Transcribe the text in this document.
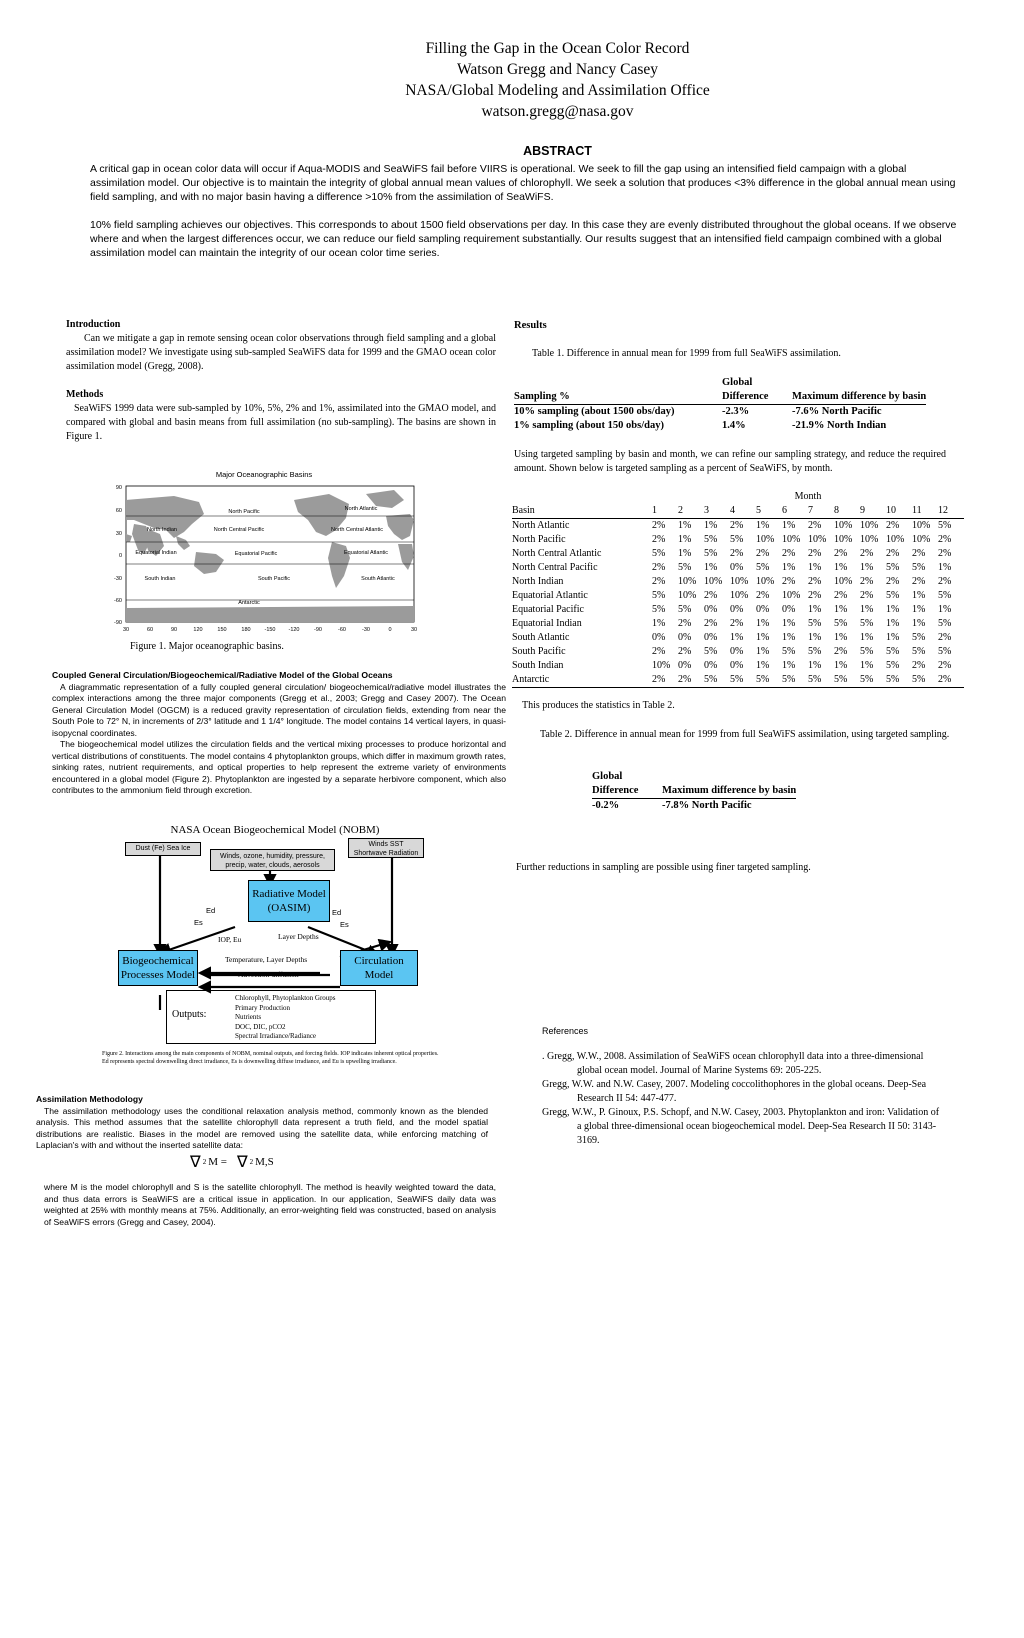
Filling the Gap in the Ocean Color Record
Watson Gregg and Nancy Casey
NASA/Global Modeling and Assimilation Office
watson.gregg@nasa.gov
ABSTRACT
A critical gap in ocean color data will occur if Aqua-MODIS and SeaWiFS fail before VIIRS is operational. We seek to fill the gap using an intensified field campaign with a global assimilation model. Our objective is to maintain the integrity of global annual mean values of chlorophyll. We seek a solution that produces <3% difference in the global annual mean using field sampling, and with no major basin having a difference >10% from the assimilation of SeaWiFS.
10% field sampling achieves our objectives. This corresponds to about 1500 field observations per day. In this case they are evenly distributed throughout the global oceans. If we observe where and when the largest differences occur, we can reduce our field sampling requirement substantially. Our results suggest that an intensified field campaign combined with a global assimilation model can maintain the integrity of our ocean color time series.
Introduction
Can we mitigate a gap in remote sensing ocean color observations through field sampling and a global assimilation model? We investigate using sub-sampled SeaWiFS data for 1999 and the GMAO ocean color assimilation model (Gregg, 2008).
Methods
SeaWiFS 1999 data were sub-sampled by 10%, 5%, 2% and 1%, assimilated into the GMAO model, and compared with global and basin means from full assimilation (no sub-sampling). The basins are shown in Figure 1.
Major Oceanographic Basins
90
60
30
0
-30
-60
-90
30	60	90	120	150	180	-150 -120	-90	-60	-30	0	30
North Pacific	North Atlantic
North Indian	North Central Pacific	North Central Atlantic
Equatorial Indian	Equatorial Pacific	Equatorial Atlantic
South Indian	South Pacific	South Atlantic
Antarctic
Figure 1. Major oceanographic basins.
Coupled General Circulation/Biogeochemical/Radiative Model of the Global Oceans
A diagrammatic representation of a fully coupled general circulation/ biogeochemical/radiative model illustrates the complex interactions among the three major components (Gregg et al., 2003; Gregg and Casey 2007). The Ocean General Circulation Model (OGCM) is a reduced gravity representation of circulation fields, extending from near the South Pole to 72° N, in increments of 2/3° latitude and 1 1/4° longitude. The model contains 14 vertical layers, in quasi-isopycnal coordinates.
The biogeochemical model utilizes the circulation fields and the vertical mixing processes to produce horizontal and vertical distributions of constituents. The model contains 4 phytoplankton groups, which differ in maximum growth rates, sinking rates, nutrient requirements, and optical properties to help represent the extreme variety of environments encountered in a global model (Figure 2). Phytoplankton are ingested by a separate herbivore component, which also contributes to the ammonium field through excretion.
NASA Ocean Biogeochemical Model (NOBM)
Dust (Fe) Sea Ice
Winds SST
Shortwave Radiation
Winds, ozone, humidity, pressure, precip, water, clouds, aerosols
Radiative Model (OASIM)
Biogeochemical Processes Model
Circulation Model
Ed
Es
Ed
Es
IOP, Eu	Layer Depths
Temperature, Layer Depths
Advection-diffusion
Outputs:
Chlorophyll, Phytoplankton Groups
Primary Production
Nutrients
DOC, DIC, pCO2
Spectral Irradiance/Radiance
Figure 2. Interactions among the main components of NOBM, nominal outputs, and forcing fields. IOP indicates inherent optical properties. Ed represents spectral downwelling direct irradiance, Es is downwelling diffuse irradiance, and Eu is upwelling irradiance.
Assimilation Methodology
The assimilation methodology uses the conditional relaxation analysis method, commonly known as the blended analysis. This method assumes that the satellite chlorophyll data represent a truth field, and the model spatial distributions are realistic. Biases in the model are removed using the satellite data, while enforcing matching of Laplacian's with and without the inserted satellite data:
∇ 2 M = ∇ 2 M,S
where M is the model chlorophyll and S is the satellite chlorophyll. The method is heavily weighted toward the data, and thus data errors is SeaWiFS are a critical issue in application. In our application, SeaWiFS daily data was weighted at 25% with monthly means at 75%. Additionally, an error-weighting field was constructed, based on analysis of SeaWiFS errors (Gregg and Casey, 2004).
Results
Table 1. Difference in annual mean for 1999 from full SeaWiFS assimilation.
Sampling %	Global Difference	Maximum difference by basin
10% sampling (about 1500 obs/day)	-2.3%	-7.6% North Pacific
1% sampling (about 150 obs/day)	1.4%	-21.9% North Indian
Using targeted sampling by basin and month, we can refine our sampling strategy, and reduce the required amount. Shown below is targeted sampling as a percent of SeaWiFS, by month.
	Month											
Basin	1	2	3	4	5	6	7	8	9	10	11	12
North Atlantic	2%	1%	1%	2%	1%	1%	2%	10%	10%	2%	10%	5%
North Pacific	2%	1%	5%	5%	10%	10%	10%	10%	10%	10%	10%	2%
North Central Atlantic	5%	1%	5%	2%	2%	2%	2%	2%	2%	2%	2%	2%
North Central Pacific	2%	5%	1%	0%	5%	1%	1%	1%	1%	5%	5%	1%
North Indian	2%	10%	10%	10%	10%	2%	2%	10%	2%	2%	2%	2%
Equatorial Atlantic	5%	10%	2%	10%	2%	10%	2%	2%	2%	5%	1%	5%
Equatorial Pacific	5%	5%	0%	0%	0%	0%	1%	1%	1%	1%	1%	1%
Equatorial Indian	1%	2%	2%	2%	1%	1%	5%	5%	5%	1%	1%	5%
South Atlantic	0%	0%	0%	1%	1%	1%	1%	1%	1%	1%	5%	2%
South Pacific	2%	2%	5%	0%	1%	5%	5%	2%	5%	5%	5%	5%
South Indian	10%	0%	0%	0%	1%	1%	1%	1%	1%	5%	2%	2%
Antarctic	2%	2%	5%	5%	5%	5%	5%	5%	5%	5%	5%	2%
This produces the statistics in Table 2.
Table 2. Difference in annual mean for 1999 from full SeaWiFS assimilation, using targeted sampling.
Global Difference	Maximum difference by basin
-0.2%	-7.8% North Pacific
Further reductions in sampling are possible using finer targeted sampling.
References
. Gregg, W.W., 2008. Assimilation of SeaWiFS ocean chlorophyll data into a three-dimensional global ocean model. Journal of Marine Systems 69: 205-225.
Gregg, W.W. and N.W. Casey, 2007. Modeling coccolithophores in the global oceans. Deep-Sea Research II 54: 447-477.
Gregg, W.W., P. Ginoux, P.S. Schopf, and N.W. Casey, 2003. Phytoplankton and iron: Validation of a global three-dimensional ocean biogeochemical model. Deep-Sea Research II 50: 3143-3169.
